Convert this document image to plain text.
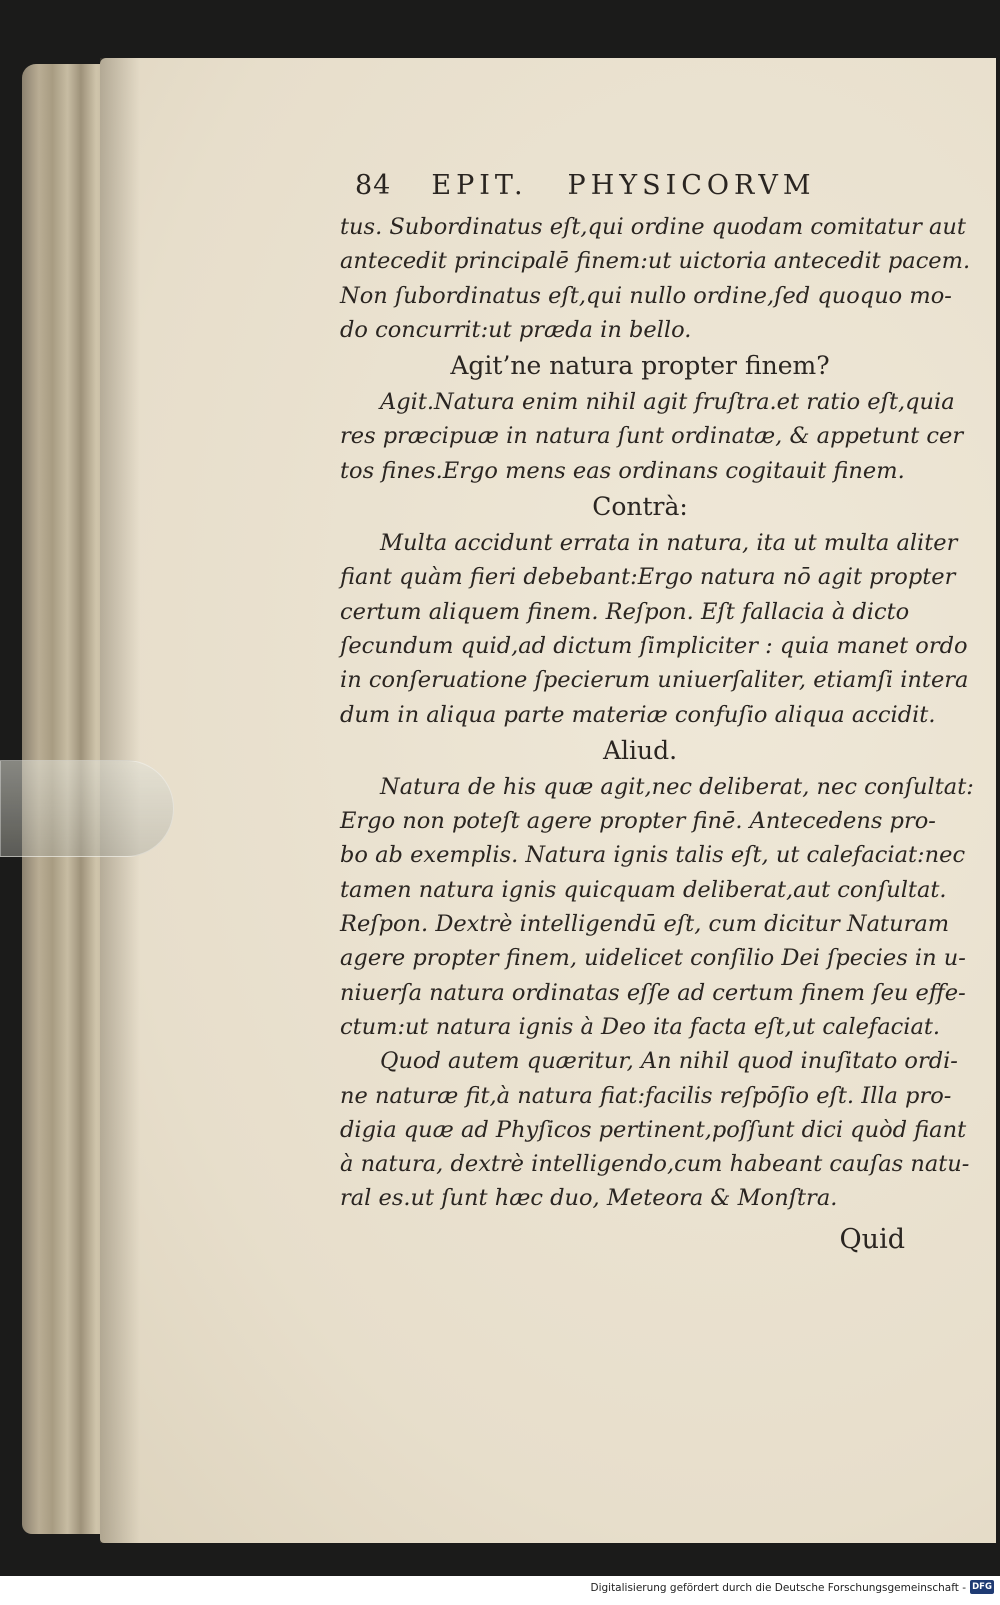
84 EPIT. PHYSICORVM
tus. Subordinatus eſt,qui ordine quodam comitatur aut
antecedit principalē finem:ut uictoria antecedit pacem.
Non ſubordinatus eſt,qui nullo ordine,ſed quoquo mo-
do concurrit:ut præda in bello.
Agit’ne natura propter finem?
Agit.Natura enim nihil agit fruſtra.et ratio eſt,quia
res præcipuæ in natura ſunt ordinatæ, & appetunt cer
tos fines.Ergo mens eas ordinans cogitauit finem.
Contrà:
Multa accidunt errata in natura, ita ut multa aliter
fiant quàm fieri debebant:Ergo natura nō agit propter
certum aliquem finem. Reſpon. Eſt fallacia à dicto
ſecundum quid,ad dictum ſimpliciter : quia manet ordo
in conſeruatione ſpecierum uniuerſaliter, etiamſi intera
dum in aliqua parte materiæ confuſio aliqua accidit.
Aliud.
Natura de his quæ agit,nec deliberat, nec conſultat:
Ergo non poteſt agere propter finē. Antecedens pro-
bo ab exemplis. Natura ignis talis eſt, ut calefaciat:nec
tamen natura ignis quicquam deliberat,aut conſultat.
Reſpon. Dextrè intelligendū eſt, cum dicitur Naturam
agere propter finem, uidelicet conſilio Dei ſpecies in u-
niuerſa natura ordinatas eſſe ad certum finem ſeu effe-
ctum:ut natura ignis à Deo ita facta eſt,ut calefaciat.
Quod autem quæritur, An nihil quod inuſitato ordi-
ne naturæ fit,à natura fiat:facilis reſpōſio eſt. Illa pro-
digia quæ ad Phyſicos pertinent,poſſunt dici quòd fiant
à natura, dextrè intelligendo,cum habeant cauſas natu-
ral es.ut ſunt hæc duo, Meteora & Monſtra.
Quid
Digitalisierung gefördert durch die Deutsche Forschungsgemeinschaft - DFG
